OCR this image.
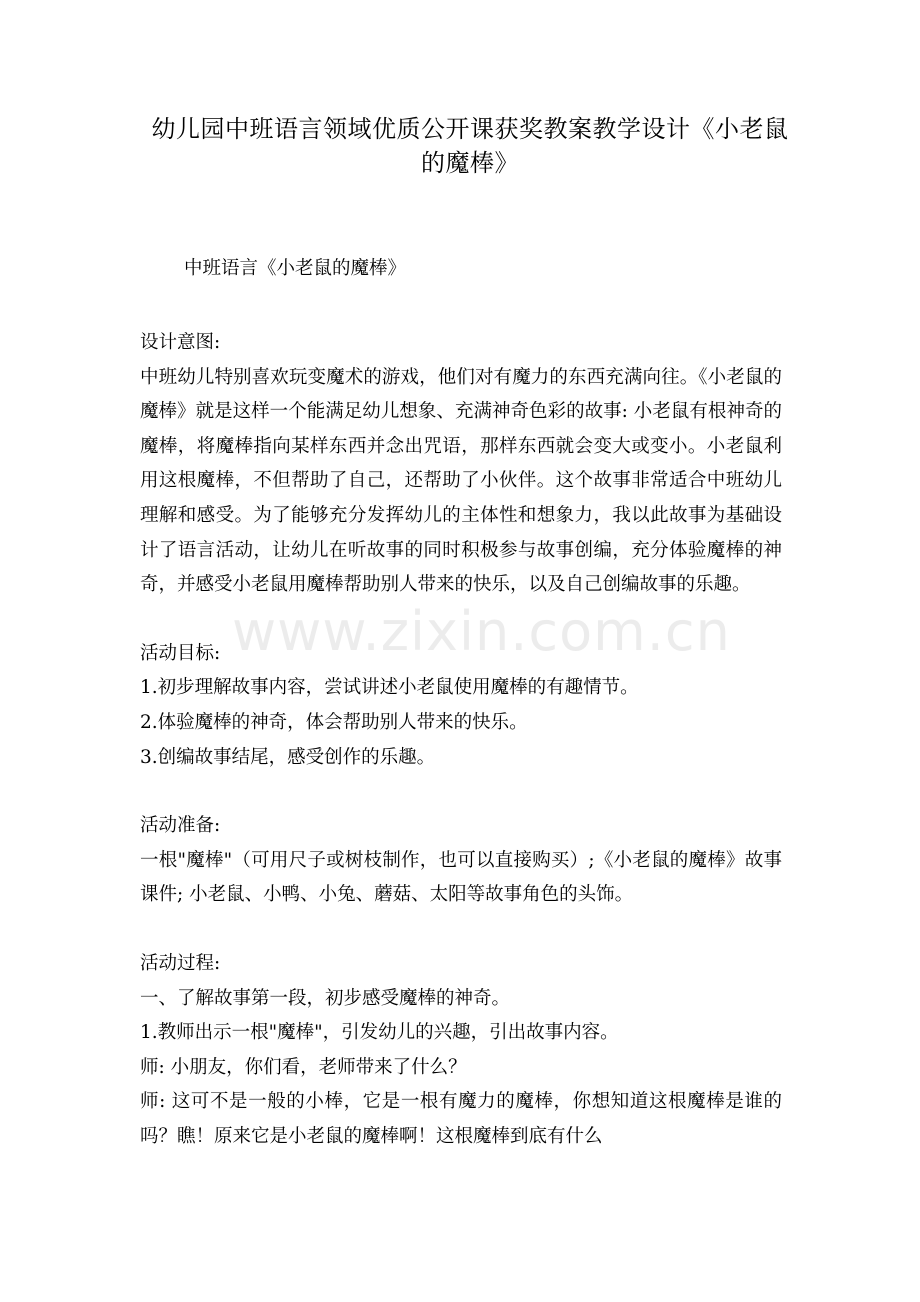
幼儿园中班语言领域优质公开课获奖教案教学设计《小老鼠的魔棒》
中班语言《小老鼠的魔棒》
设计意图:
中班幼儿特别喜欢玩变魔术的游戏，他们对有魔力的东西充满向往。《小老鼠的魔棒》就是这样一个能满足幼儿想象、充满神奇色彩的故事: 小老鼠有根神奇的魔棒，将魔棒指向某样东西并念出咒语，那样东西就会变大或变小。小老鼠利用这根魔棒，不但帮助了自己，还帮助了小伙伴。这个故事非常适合中班幼儿理解和感受。为了能够充分发挥幼儿的主体性和想象力，我以此故事为基础设计了语言活动，让幼儿在听故事的同时积极参与故事创编，充分体验魔棒的神奇，并感受小老鼠用魔棒帮助别人带来的快乐，以及自己创编故事的乐趣。
活动目标:
1.初步理解故事内容，尝试讲述小老鼠使用魔棒的有趣情节。
2.体验魔棒的神奇，体会帮助别人带来的快乐。
3.创编故事结尾，感受创作的乐趣。
活动准备:
一根"魔棒"（可用尺子或树枝制作，也可以直接购买）;《小老鼠的魔棒》故事课件; 小老鼠、小鸭、小兔、蘑菇、太阳等故事角色的头饰。
活动过程:
一、了解故事第一段，初步感受魔棒的神奇。
1.教师出示一根"魔棒"，引发幼儿的兴趣，引出故事内容。
师: 小朋友，你们看，老师带来了什么？
师: 这可不是一般的小棒，它是一根有魔力的魔棒，你想知道这根魔棒是谁的吗？瞧！原来它是小老鼠的魔棒啊！这根魔棒到底有什么
www.zixin.com.cn
